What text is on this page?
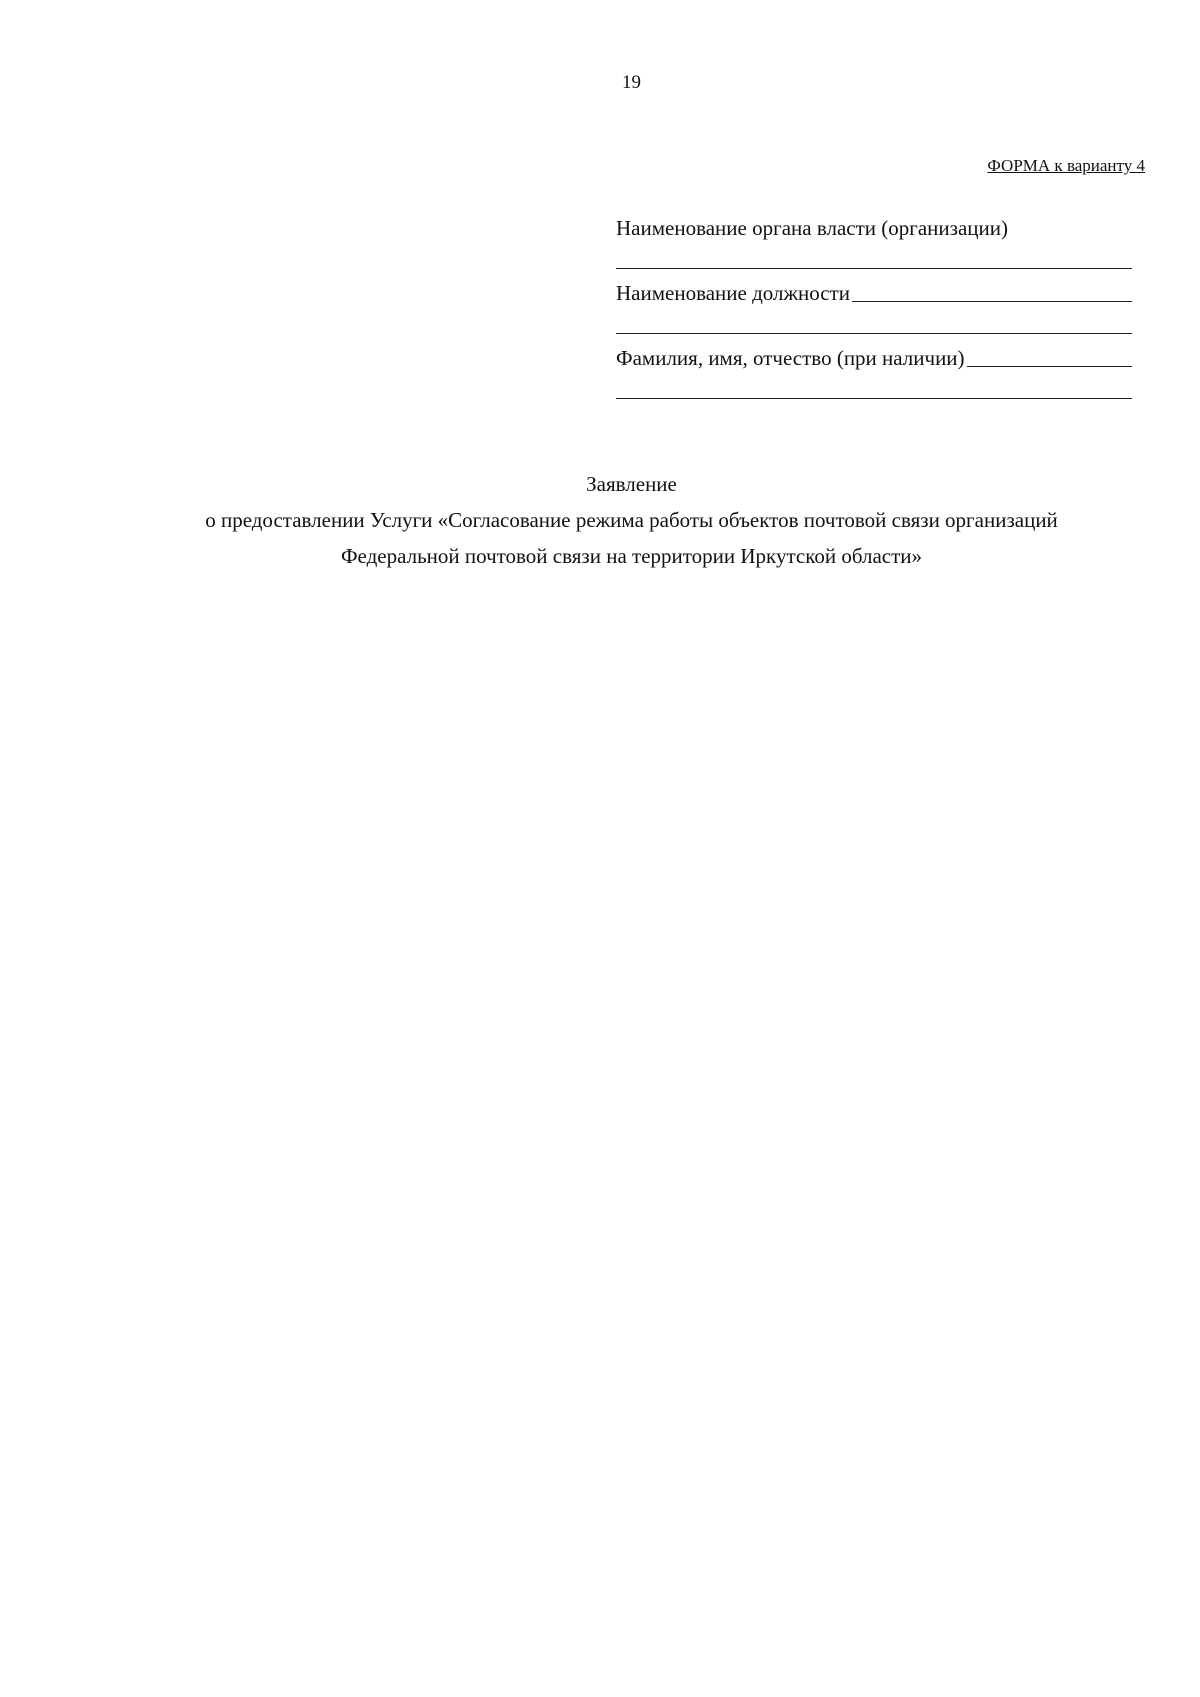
19
ФОРМА к варианту 4
Наименование органа власти (организации)
Наименование должности
Фамилия, имя, отчество (при наличии)
Заявление
о предоставлении Услуги «Согласование режима работы объектов почтовой связи организаций
Федеральной почтовой связи на территории Иркутской области»
